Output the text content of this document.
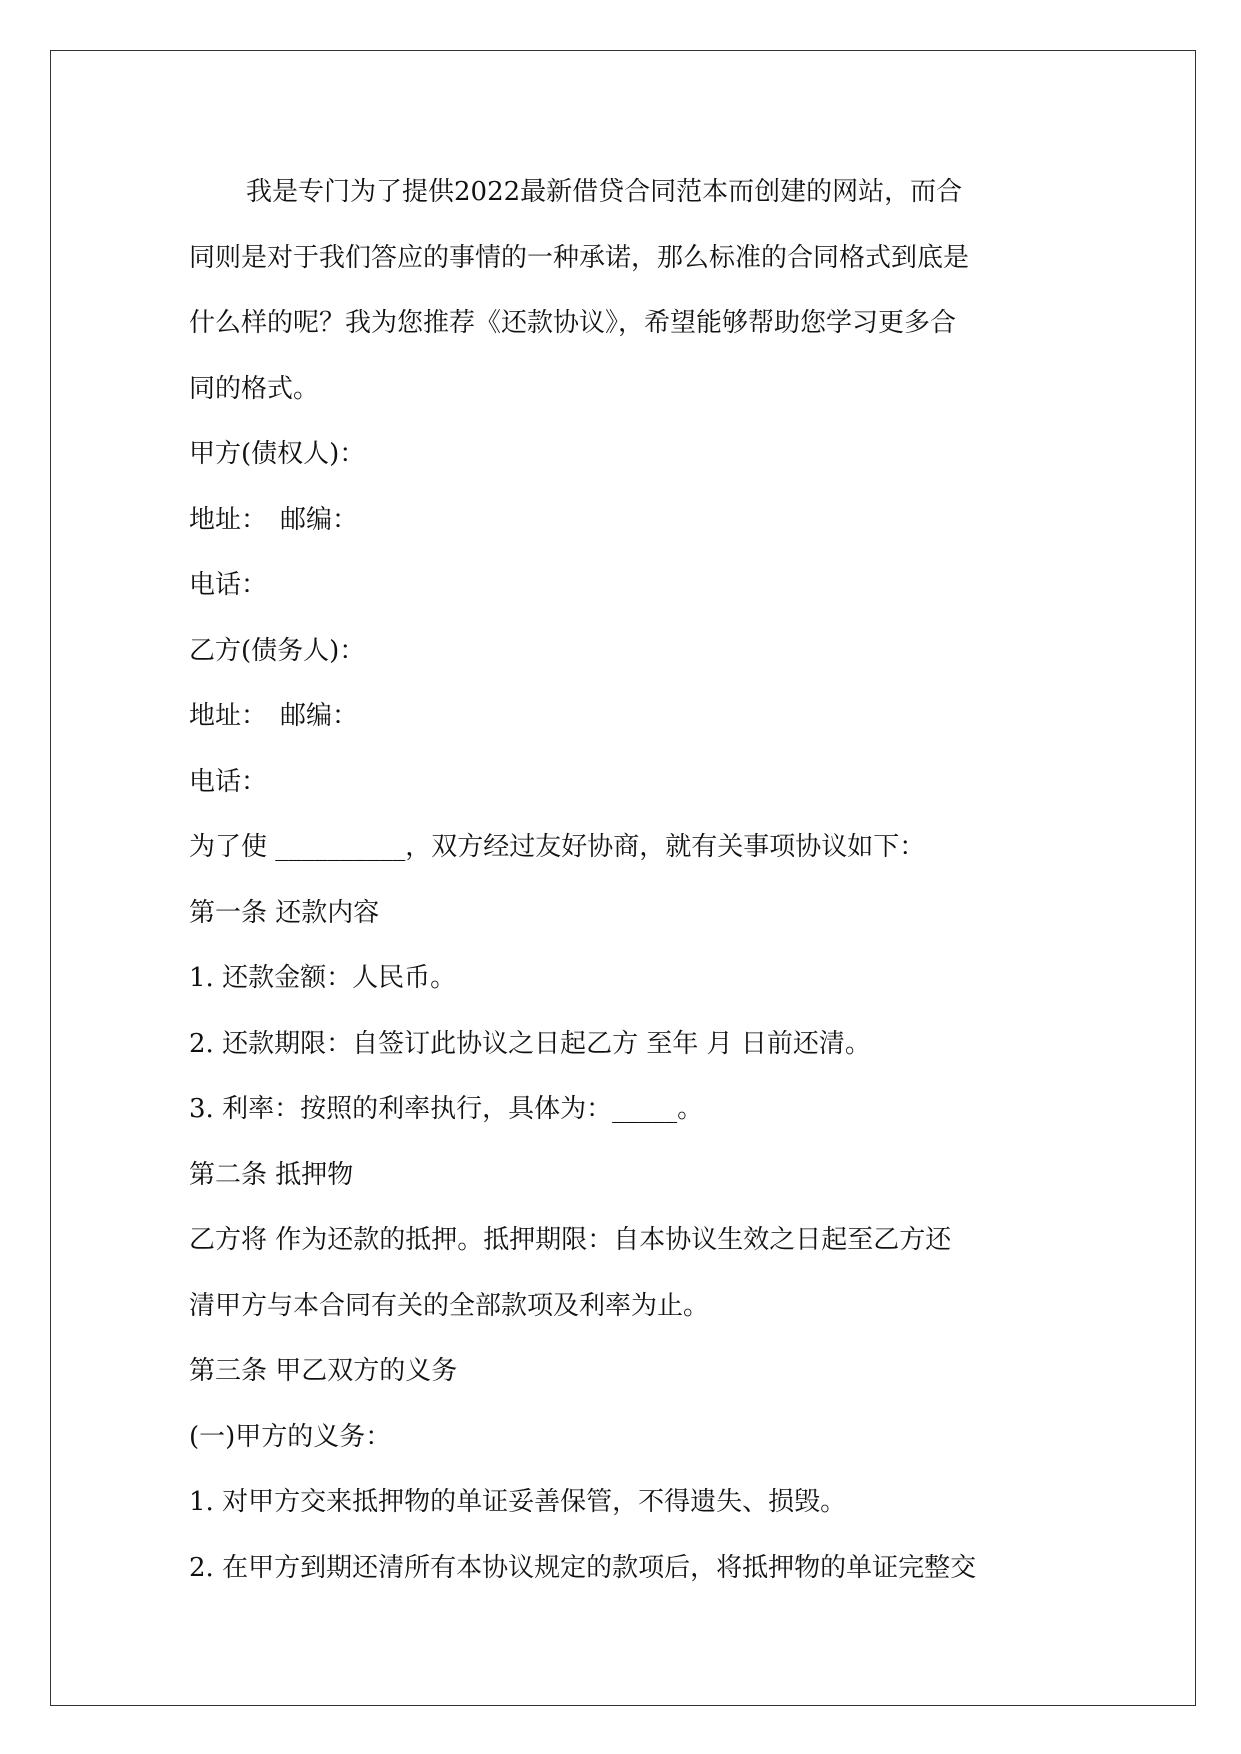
我是专门为了提供2022最新借贷合同范本而创建的网站，而合

同则是对于我们答应的事情的一种承诺，那么标准的合同格式到底是

什么样的呢？我为您推荐《还款协议》，希望能够帮助您学习更多合

同的格式。

甲方(债权人)：

地址：　邮编：

电话：

乙方(债务人)：

地址：　邮编：

电话：

为了使 __________，双方经过友好协商，就有关事项协议如下：

第一条 还款内容

1. 还款金额：人民币。

2. 还款期限：自签订此协议之日起乙方 至年 月 日前还清。

3. 利率：按照的利率执行，具体为：_____。

第二条 抵押物

乙方将 作为还款的抵押。抵押期限：自本协议生效之日起至乙方还

清甲方与本合同有关的全部款项及利率为止。

第三条 甲乙双方的义务

(一)甲方的义务：

1. 对甲方交来抵押物的单证妥善保管，不得遗失、损毁。

2. 在甲方到期还清所有本协议规定的款项后，将抵押物的单证完整交
